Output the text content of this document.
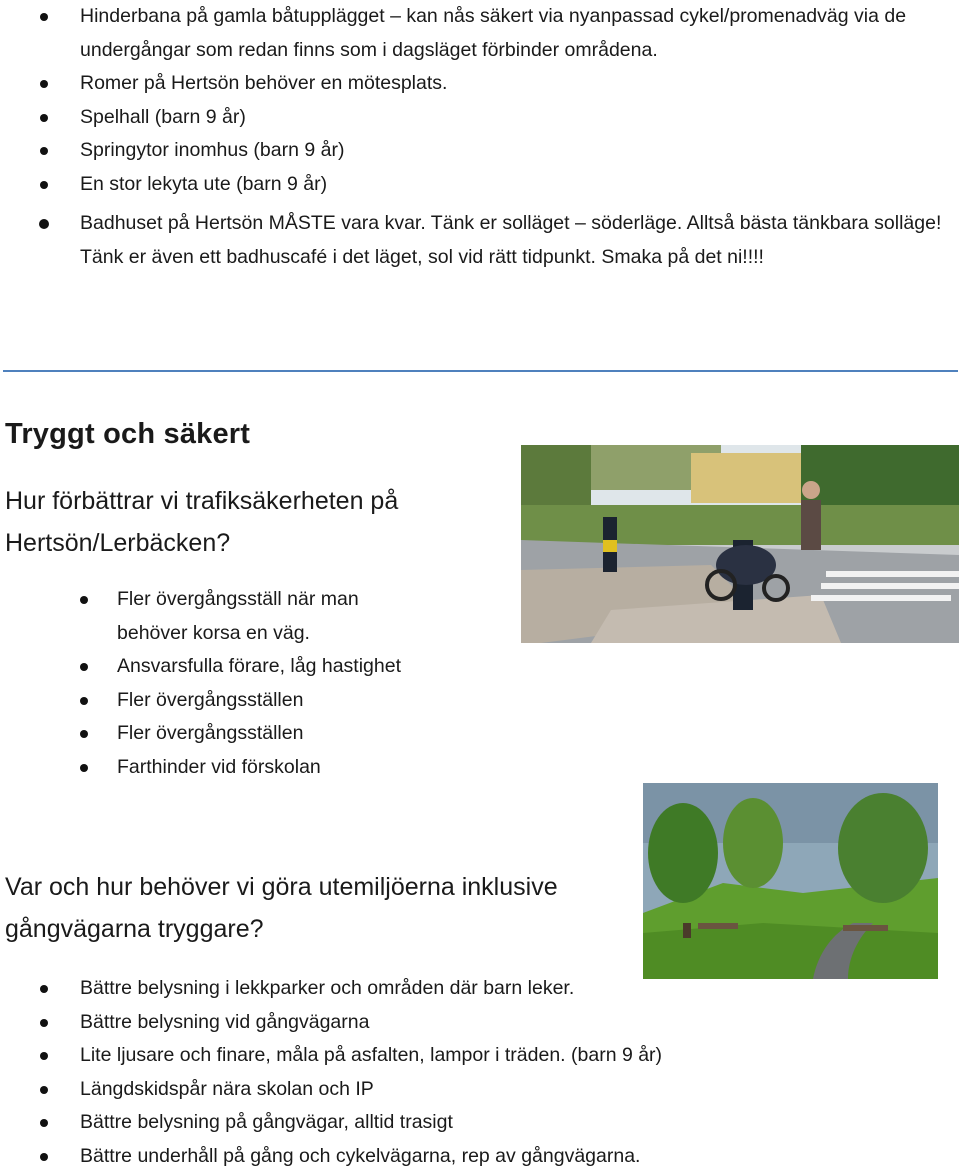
Hinderbana på gamla båtupplägget – kan nås säkert via nyanpassad cykel/promenadväg via de undergångar som redan finns som i dagsläget förbinder områdena.
Romer på Hertsön behöver en mötesplats.
Spelhall (barn 9 år)
Springytor inomhus (barn 9 år)
En stor lekyta ute (barn 9 år)
Badhuset på Hertsön MÅSTE vara kvar. Tänk er solläget – söderläge. Alltså bästa tänkbara solläge! Tänk er även ett badhuscafé i det läget, sol vid rätt tidpunkt. Smaka på det ni!!!!
Tryggt och säkert

Hur förbättrar vi trafiksäkerheten på Hertsön/Lerbäcken?

Fler övergångsställ när man behöver korsa en väg.
Ansvarsfulla förare, låg hastighet
Fler övergångsställen
Fler övergångsställen
Farthinder vid förskolan

Var och hur behöver vi göra utemiljöerna inklusive gångvägarna tryggare?

Bättre belysning i lekkparker och områden där barn leker.
Bättre belysning vid gångvägarna
Lite ljusare och finare, måla på asfalten, lampor i träden. (barn 9 år)
Längdskidspår nära skolan och IP
Bättre belysning på gångvägar, alltid trasigt
Bättre underhåll på gång och cykelvägarna, rep av gångvägarna.
